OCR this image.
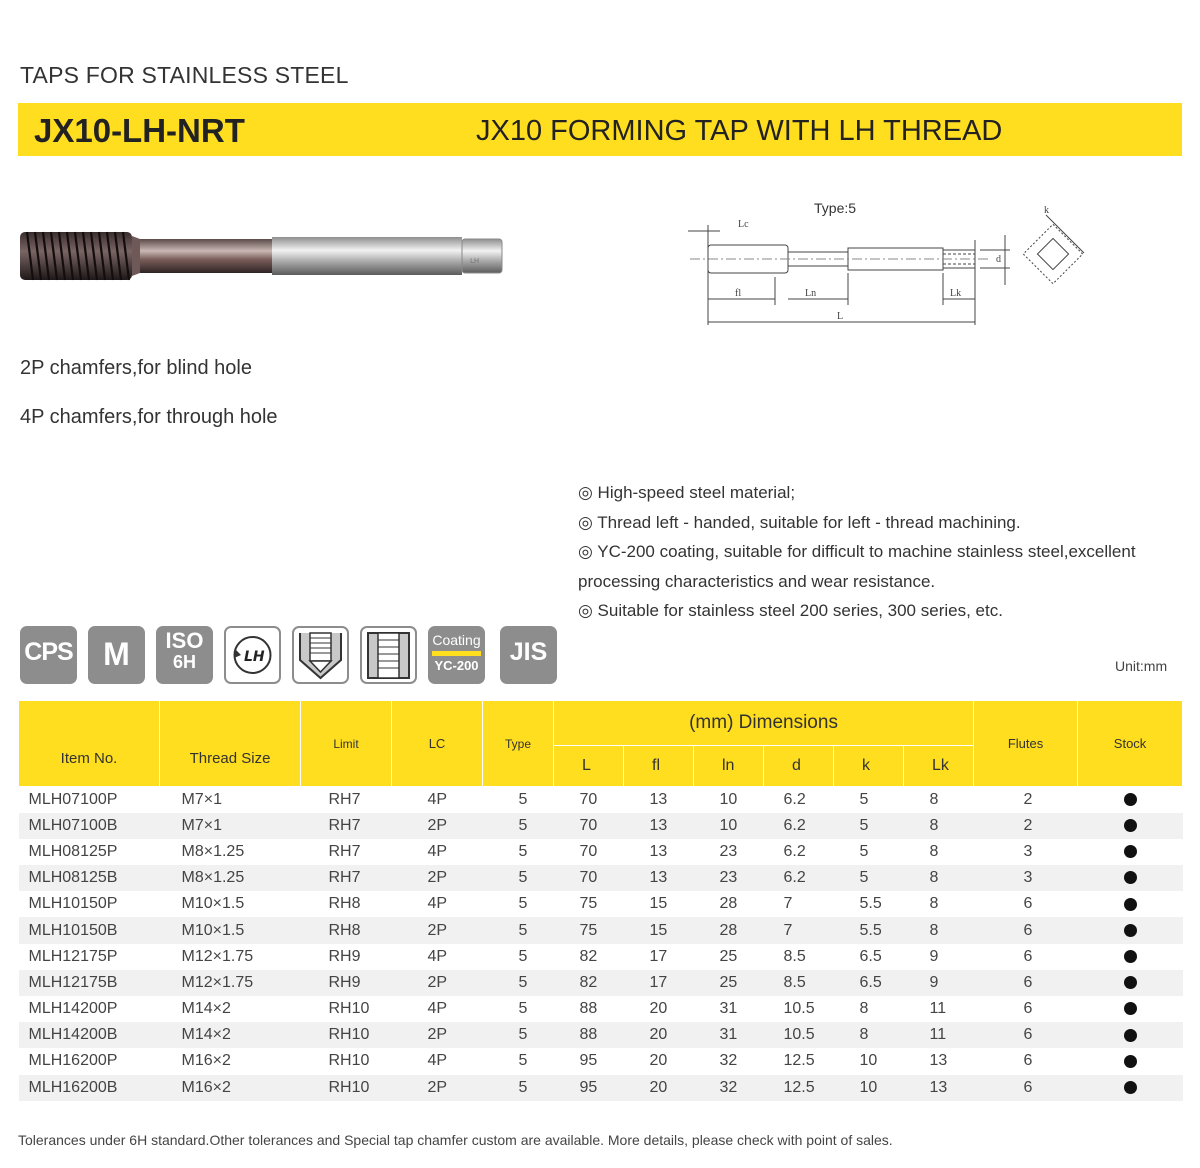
TAPS FOR STAINLESS STEEL
JX10-LH-NRT	JX10 FORMING TAP WITH LH THREAD
LH
Type:5
Lc
fl	Ln
L
Lk
d
k
2P chamfers,for blind hole
4P chamfers,for through hole
◎ High-speed steel material;
◎ Thread left - handed, suitable for left - thread machining.
◎ YC-200 coating, suitable for difficult to machine stainless steel,excellent
processing characteristics and wear resistance.
◎ Suitable for stainless steel 200 series, 300 series, etc.
CPS M	ISO
6H	LH
Coating
YC-200	JIS	Unit:mm
Item No.	Thread Size	Limit	LC	Type	(mm) Dimensions						Flutes	Stock
					L	fl	ln	d	k	Lk		
MLH07100P	M7×1	RH7	4P	5	70	13	10	6.2	5	8	2	
MLH07100B	M7×1	RH7	2P	5	70	13	10	6.2	5	8	2	
MLH08125P	M8×1.25	RH7	4P	5	70	13	23	6.2	5	8	3	
MLH08125B	M8×1.25	RH7	2P	5	70	13	23	6.2	5	8	3	
MLH10150P	M10×1.5	RH8	4P	5	75	15	28	7	5.5	8	6	
MLH10150B	M10×1.5	RH8	2P	5	75	15	28	7	5.5	8	6	
MLH12175P	M12×1.75	RH9	4P	5	82	17	25	8.5	6.5	9	6	
MLH12175B	M12×1.75	RH9	2P	5	82	17	25	8.5	6.5	9	6	
MLH14200P	M14×2	RH10	4P	5	88	20	31	10.5	8	11	6	
MLH14200B	M14×2	RH10	2P	5	88	20	31	10.5	8	11	6	
MLH16200P	M16×2	RH10	4P	5	95	20	32	12.5	10	13	6	
MLH16200B	M16×2	RH10	2P	5	95	20	32	12.5	10	13	6	
Tolerances under 6H standard.Other tolerances and Special tap chamfer custom are available. More details, please check with point of sales.
